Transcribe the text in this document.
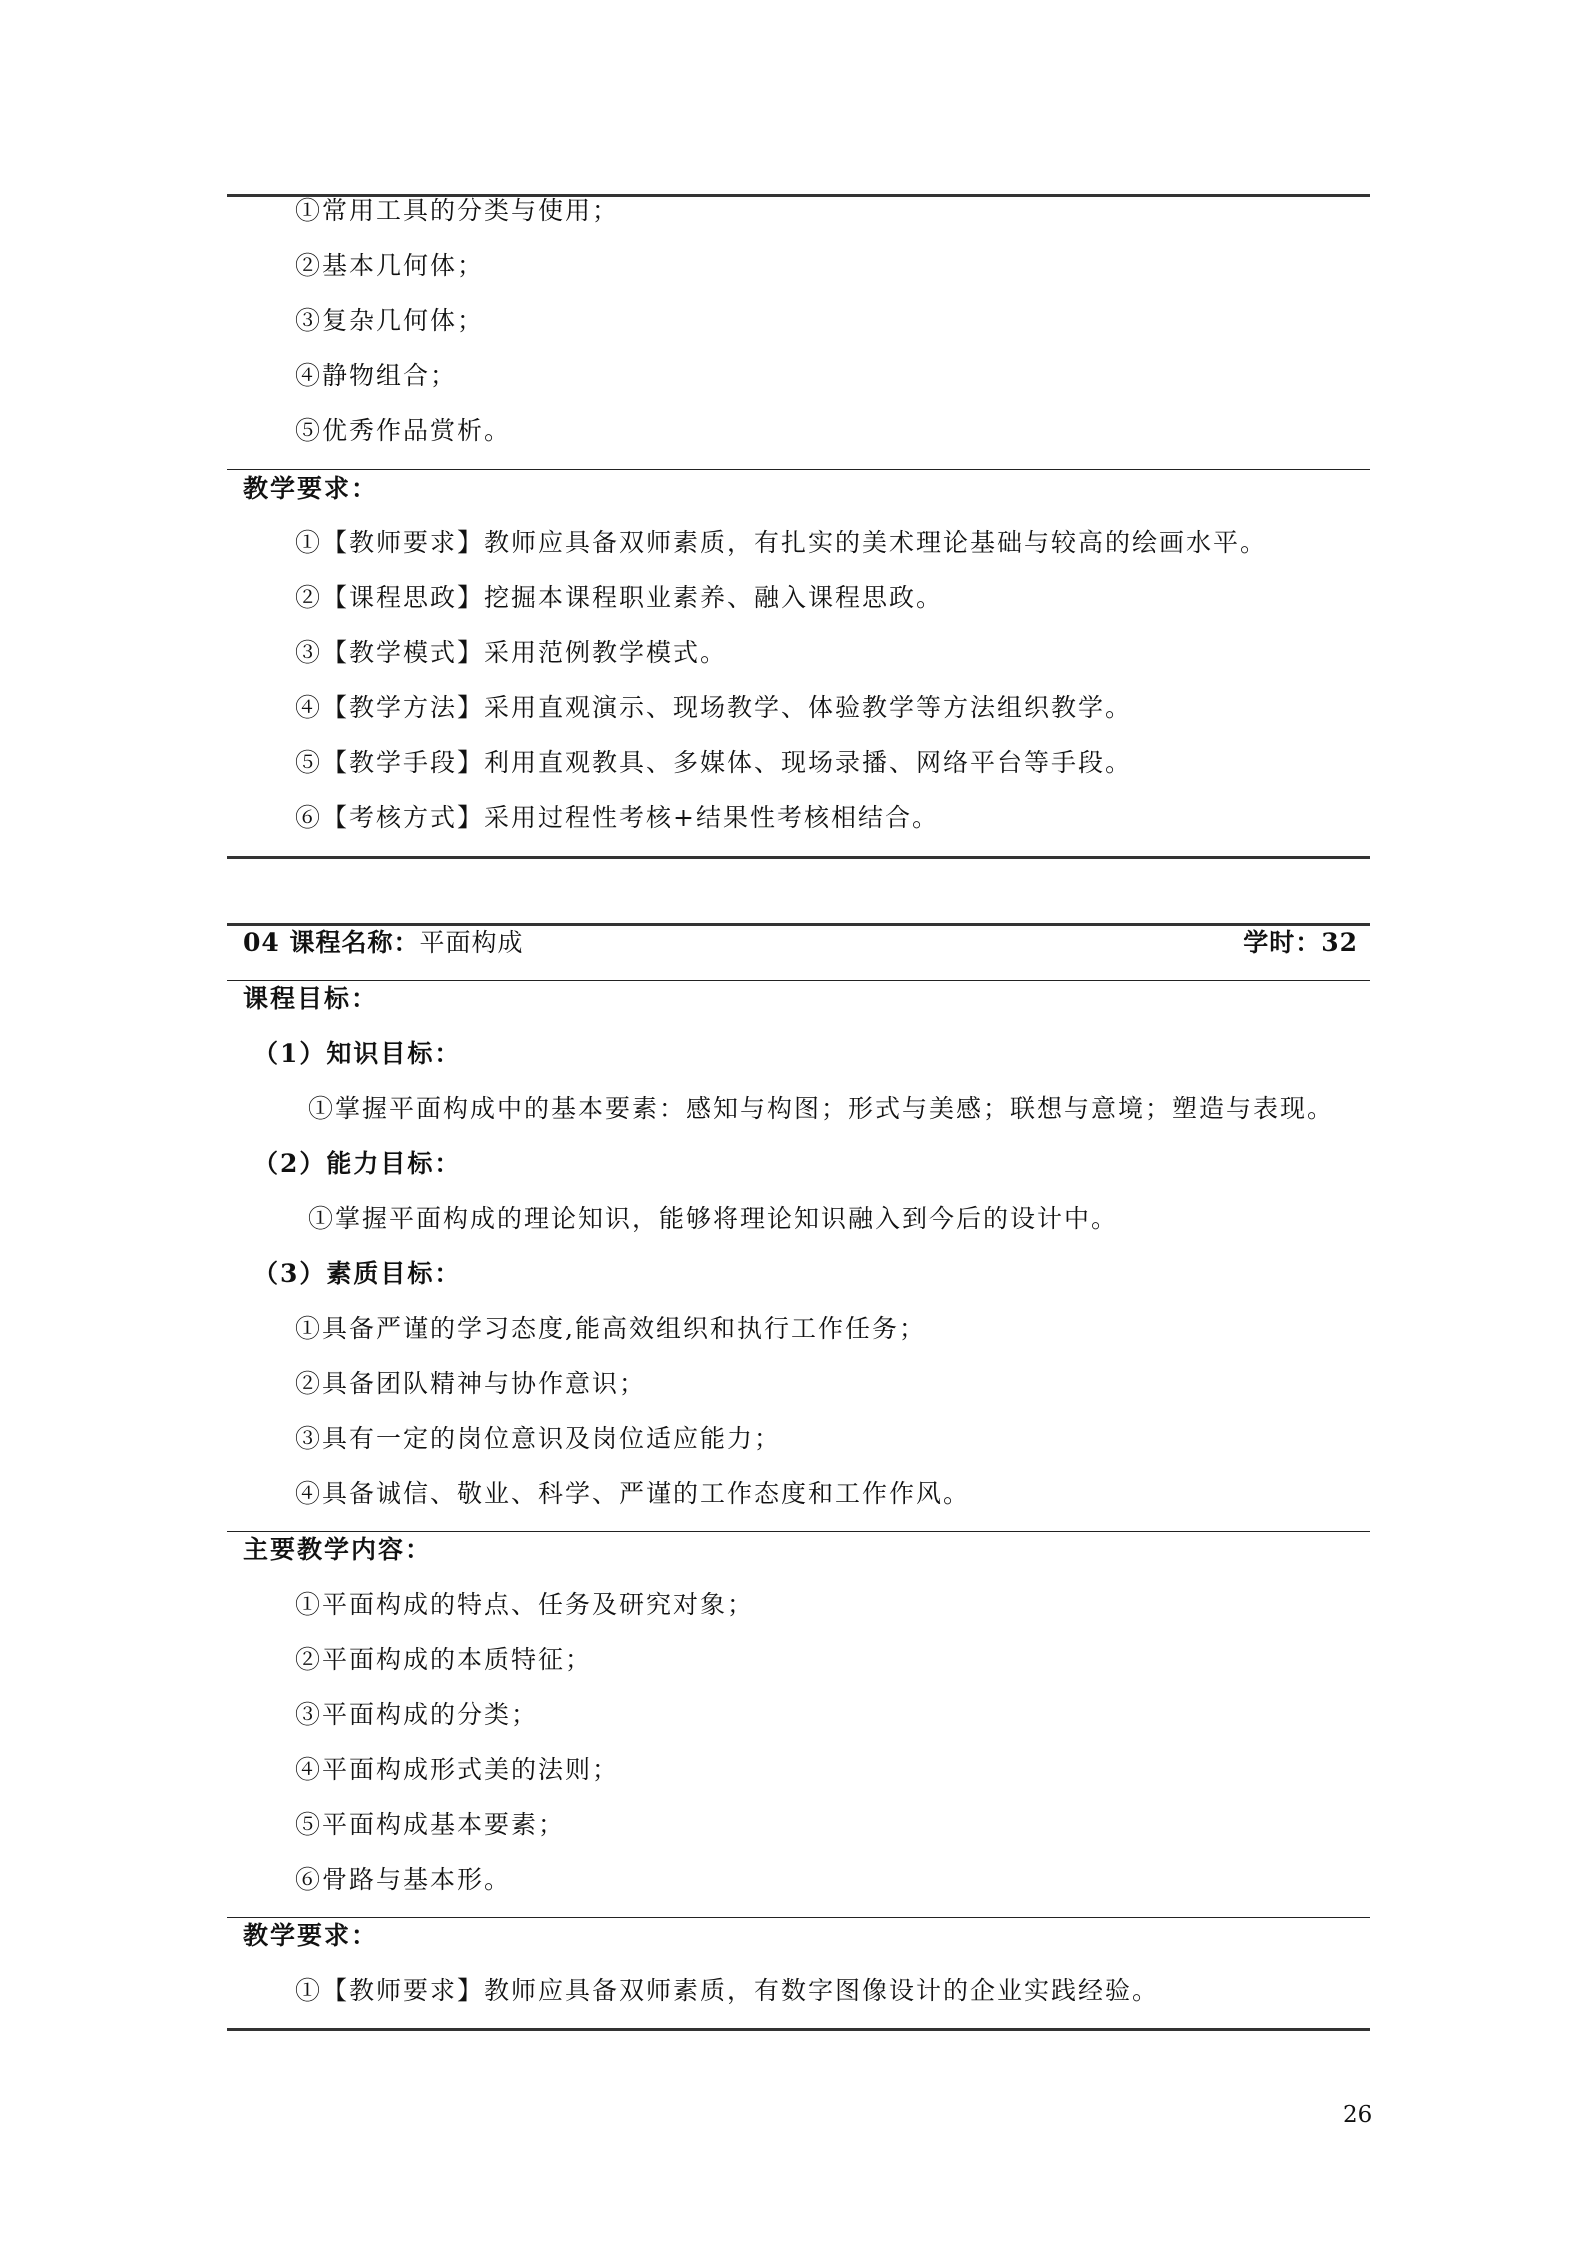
①常用工具的分类与使用；
②基本几何体；
③复杂几何体；
④静物组合；
⑤优秀作品赏析。
教学要求：
①【教师要求】教师应具备双师素质，有扎实的美术理论基础与较高的绘画水平。
②【课程思政】挖掘本课程职业素养、融入课程思政。
③【教学模式】采用范例教学模式。
④【教学方法】采用直观演示、现场教学、体验教学等方法组织教学。
⑤【教学手段】利用直观教具、多媒体、现场录播、网络平台等手段。
⑥【考核方式】采用过程性考核+结果性考核相结合。
04 课程名称：平面构成	学时：32
课程目标：
（1）知识目标：
①掌握平面构成中的基本要素：感知与构图；形式与美感；联想与意境；塑造与表现。
（2）能力目标：
①掌握平面构成的理论知识，能够将理论知识融入到今后的设计中。
（3）素质目标：
①具备严谨的学习态度,能高效组织和执行工作任务；
②具备团队精神与协作意识；
③具有一定的岗位意识及岗位适应能力；
④具备诚信、敬业、科学、严谨的工作态度和工作作风。
主要教学内容：
①平面构成的特点、任务及研究对象；
②平面构成的本质特征；
③平面构成的分类；
④平面构成形式美的法则；
⑤平面构成基本要素；
⑥骨路与基本形。
教学要求：
①【教师要求】教师应具备双师素质，有数字图像设计的企业实践经验。
26
